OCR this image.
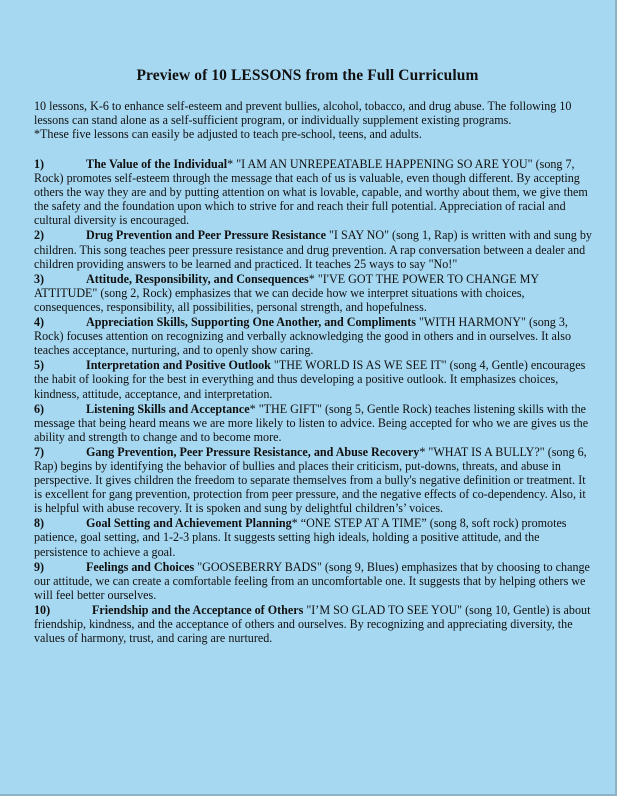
Preview of 10 LESSONS from the Full Curriculum
10 lessons, K-6 to enhance self-esteem and prevent bullies, alcohol, tobacco, and drug abuse. The following 10 lessons can stand alone as a self-sufficient program, or individually supplement existing programs.
*These five lessons can easily be adjusted to teach pre-school, teens, and adults.
1)	The Value of the Individual* "I AM AN UNREPEATABLE HAPPENING SO ARE YOU" (song 7, Rock) promotes self-esteem through the message that each of us is valuable, even though different. By accepting others the way they are and by putting attention on what is lovable, capable, and worthy about them, we give them the safety and the foundation upon which to strive for and reach their full potential. Appreciation of racial and cultural diversity is encouraged.
2)	Drug Prevention and Peer Pressure Resistance "I SAY NO" (song 1, Rap) is written with and sung by children. This song teaches peer pressure resistance and drug prevention. A rap conversation between a dealer and children providing answers to be learned and practiced. It teaches 25 ways to say "No!"
3)	Attitude, Responsibility, and Consequences* "I'VE GOT THE POWER TO CHANGE MY ATTITUDE" (song 2, Rock) emphasizes that we can decide how we interpret situations with choices, consequences, responsibility, all possibilities, personal strength, and hopefulness.
4)	Appreciation Skills, Supporting One Another, and Compliments "WITH HARMONY" (song 3, Rock) focuses attention on recognizing and verbally acknowledging the good in others and in ourselves. It also teaches acceptance, nurturing, and to openly show caring.
5)	Interpretation and Positive Outlook "THE WORLD IS AS WE SEE IT" (song 4, Gentle) encourages the habit of looking for the best in everything and thus developing a positive outlook. It emphasizes choices, kindness, attitude, acceptance, and interpretation.
6)	Listening Skills and Acceptance* "THE GIFT" (song 5, Gentle Rock) teaches listening skills with the message that being heard means we are more likely to listen to advice. Being accepted for who we are gives us the ability and strength to change and to become more.
7)	Gang Prevention, Peer Pressure Resistance, and Abuse Recovery* "WHAT IS A BULLY?" (song 6, Rap) begins by identifying the behavior of bullies and places their criticism, put-downs, threats, and abuse in perspective. It gives children the freedom to separate themselves from a bully's negative definition or treatment. It is excellent for gang prevention, protection from peer pressure, and the negative effects of co-dependency. Also, it is helpful with abuse recovery. It is spoken and sung by delightful children’s’ voices.
8)	Goal Setting and Achievement Planning* “ONE STEP AT A TIME” (song 8, soft rock) promotes patience, goal setting, and 1-2-3 plans. It suggests setting high ideals, holding a positive attitude, and the persistence to achieve a goal.
9)	Feelings and Choices "GOOSEBERRY BADS" (song 9, Blues) emphasizes that by choosing to change our attitude, we can create a comfortable feeling from an uncomfortable one. It suggests that by helping others we will feel better ourselves.
10)	Friendship and the Acceptance of Others "I’M SO GLAD TO SEE YOU" (song 10, Gentle) is about friendship, kindness, and the acceptance of others and ourselves. By recognizing and appreciating diversity, the values of harmony, trust, and caring are nurtured.
